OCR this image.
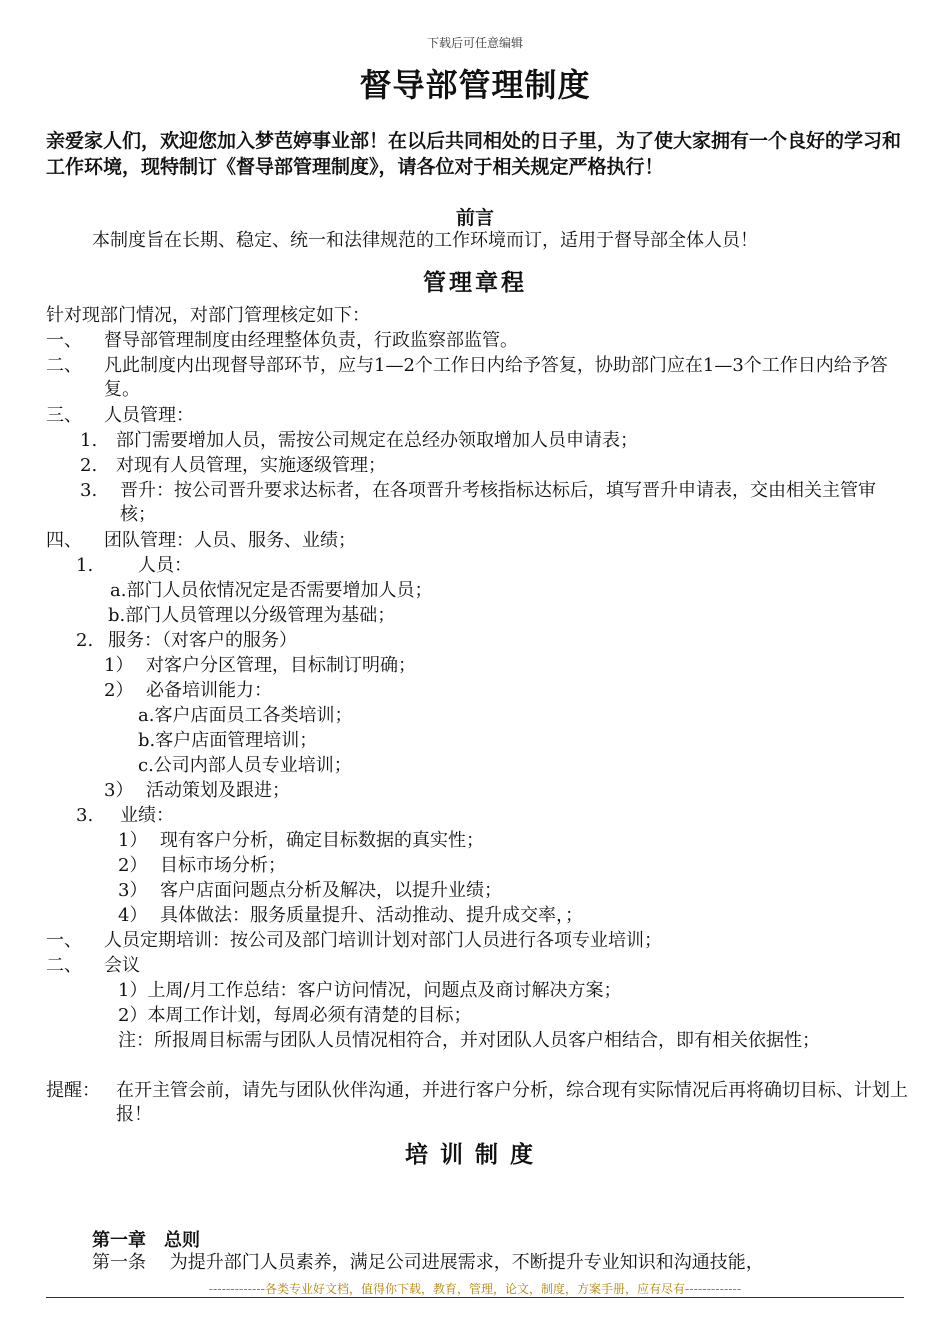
下载后可任意编辑
督导部管理制度
亲爱家人们，欢迎您加入梦芭婷事业部！在以后共同相处的日子里，为了使大家拥有一个良好的学习和工作环境，现特制订《督导部管理制度》，请各位对于相关规定严格执行！
前言
本制度旨在长期、稳定、统一和法律规范的工作环境而订，适用于督导部全体人员！
管理章程
针对现部门情况，对部门管理核定如下：
一、 督导部管理制度由经理整体负责，行政监察部监管。
二、 凡此制度内出现督导部环节，应与1—2个工作日内给予答复，协助部门应在1—3个工作日内给予答复。
三、 人员管理：
1. 部门需要增加人员，需按公司规定在总经办领取增加人员申请表；
2. 对现有人员管理，实施逐级管理；
3. 晋升：按公司晋升要求达标者，在各项晋升考核指标达标后，填写晋升申请表，交由相关主管审核；
四、 团队管理：人员、服务、业绩；
1. 人员：
a.部门人员依情况定是否需要增加人员；
b.部门人员管理以分级管理为基础；
2. 服务：（对客户的服务）
1） 对客户分区管理，目标制订明确；
2） 必备培训能力：
a.客户店面员工各类培训；
b.客户店面管理培训；
c.公司内部人员专业培训；
3） 活动策划及跟进；
3. 业绩：
1） 现有客户分析，确定目标数据的真实性；
2） 目标市场分析；
3） 客户店面问题点分析及解决，以提升业绩；
4） 具体做法：服务质量提升、活动推动、提升成交率，；
一、 人员定期培训：按公司及部门培训计划对部门人员进行各项专业培训；
二、 会议
1）上周/月工作总结：客户访问情况，问题点及商讨解决方案；
2）本周工作计划，每周必须有清楚的目标；
注：所报周目标需与团队人员情况相符合，并对团队人员客户相结合，即有相关依据性；
提醒： 在开主管会前，请先与团队伙伴沟通，并进行客户分析，综合现有实际情况后再将确切目标、计划上报！
培训制度
第一章　总则
第一条 为提升部门人员素养，满足公司进展需求，不断提升专业知识和沟通技能，
-------------各类专业好文档，值得你下载，教育，管理，论文，制度，方案手册，应有尽有-------------
